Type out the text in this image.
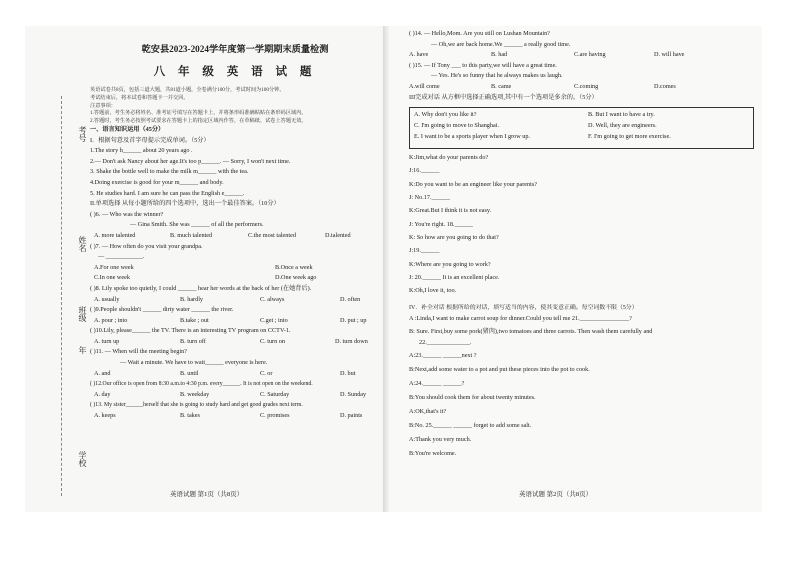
考号
姓名
班级
年
学校
乾安县2023-2024学年度第一学期期末质量检测
八 年 级 英 语 试 题
英语试卷共8页，包括三道大题，共81道小题，全卷满分100分，考试时间为100分钟。
考试结束后，将本试卷和答题卡一并交回。
注意事项：
1.答题前，考生务必将姓名、准考证号填写在答题卡上，并将条形码准确粘贴在条形码区域内。
2.答题时，考生务必按照考试要求在答题卡上的指定区域内作答，在草稿纸、试卷上答题无效。
一、语言知识运用（45分）
I．根据句意及首字母提示完成单词。（5分）
1.The story h______ about 20 years ago .
2.— Don't ask Nancy about her age.It's too p______. — Sorry, I won't next time.
3. Shake the bottle well to make the milk m______ with the tea.
4.Doing exercise is good for your m______ and body.
5. He studies hard. I am sure he can pass the English e______.
II.单项选择 从每小题所给的四个选项中，选出一个最佳答案。（10分）
( )6. — Who was the winner?
— Gina Smith. She was ______ of all the performers.
A. more talented	B. much talented	C.the most talented	D.talented
( )7. — How often do you visit your grandpa.
— ____________.
A.For one week	B.Once a week
C.In one week	D.One week ago
( )8. Lily spoke too quietly, I could ______ hear her words at the back of her (在她背后).
A. usually	B. hardly	C. always	D. often
( )9.People shouldn't ______ dirty water ______ the river.
A. pour ; into	B.take ; out	C.get ; into	D. put ; up
( )10.Lily, please______ the TV. There is an interesting TV program on CCTV-1.
A. turn up	B. turn off	C. turn on	D. turn down
( )11. — When will the meeting begin?
— Wait a minute. We have to wait______ everyone is here.
A. and	B. until	C. or	D. but
( )12.Our office is open from 8:30 a.m.to 4:30 p.m. every______. It is not open on the weekend.
A. day	B. weekday	C. Saturday	D. Sunday
( )13. My sister______herself that she is going to study hard and get good grades next term.
A. keeps	B. takes	C. promises	D. paints
英语试题 第1页（共8页）
( )14. — Hello,Mom. Are you still on Lushan Mountain?
— Oh,we are back home.We ______ a really good time.
A. have	B. had	C.are having	D. will have
( )15. — If Tony ___ to this party,we will have a great time.
— Yes. He's so funny that he always makes us laugh.
A.will come	B. came	C.coming	D.comes
III完成对话 从方框中选择正确选项,其中有一个选项是多余的。（5分）
A. Why don't you like it?	B. But I want to have a try.
C. I'm going to move to Shanghai.	D. Well, they are engineers.
E. I want to be a sports player when I grow up.	F. I'm going to get more exercise.
K:Jim,what do your parents do?
J:16.______
K:Do you want to be an engineer like your parents?
J: No.17.______
K:Great.But I think it is not easy.
J: You're right. 18.______
K: So how are you going to do that?
J:19.______
K:Where are you going to work?
J: 20.______ It is an excellent place.
K:Oh,I love it, too.
IV．补全对话 根据所给的对话，填写适当的内容，使其变意正确。每空词数不限（5分）
A :Linda,I want to make carrot soup for dinner.Could you tell me 21.________________?
B: Sure. First,buy some pork(猪肉),two tomatoes and three carrots. Then wash them carefully and
22.______________.
A:23.______ ______next ?
B:Next,add some water to a pot and put these pieces into the pot to cook.
A:24.______ ______?
B:You should cook them for about twenty minutes.
A:OK,that's it?
B:No. 25.______ ______ forget to add some salt.
A:Thank you very much.
B:You're welcome.
英语试题 第2页（共8页）
